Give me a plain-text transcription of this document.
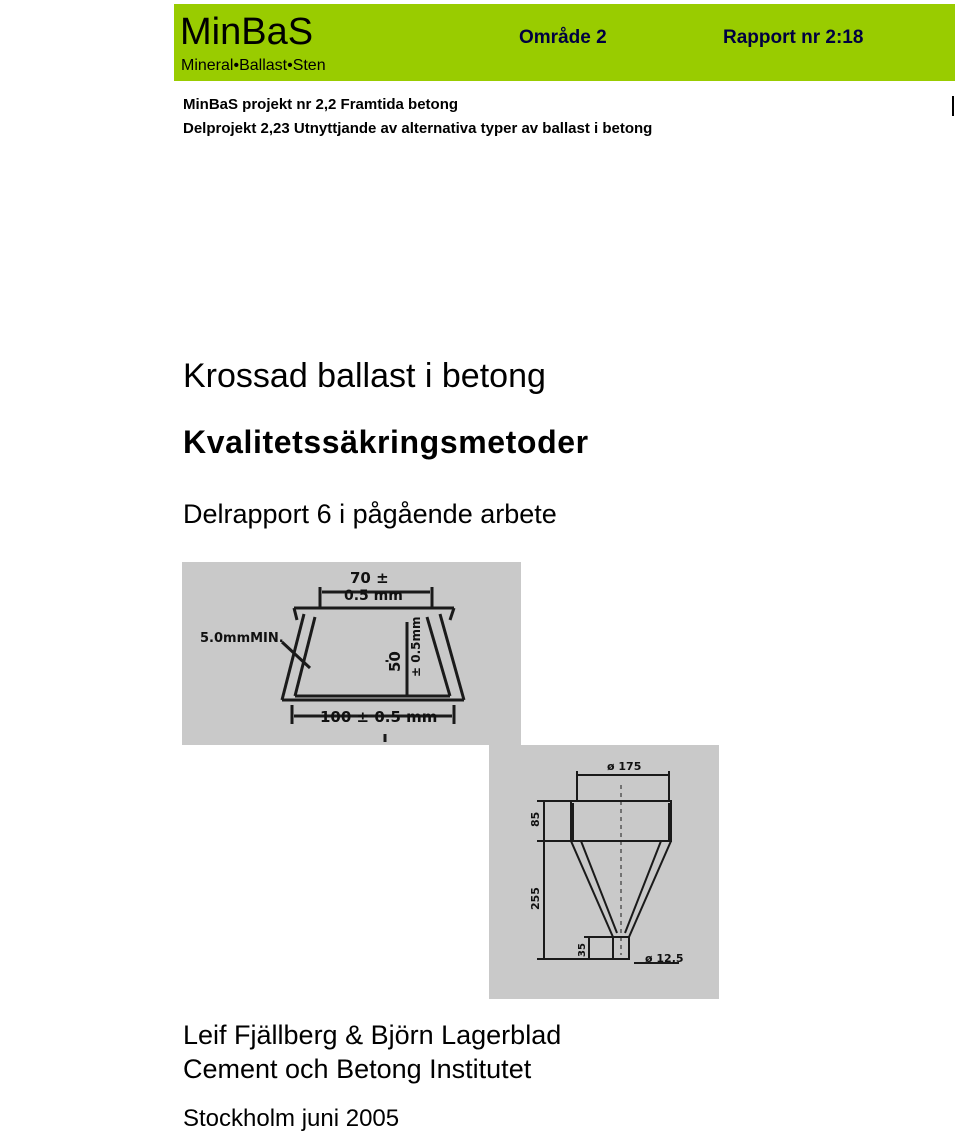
MinBaS
Mineral•Ballast•Sten
Område 2	Rapport nr 2:18
MinBaS projekt nr 2,2 Framtida betong
Delprojekt 2,23 Utnyttjande av alternativa typer av ballast i betong
Krossad ballast i betong
Kvalitetssäkringsmetoder
Delrapport 6 i pågående arbete
70 ±
0.5 mm
5.0mmMIN.
50 ± 0.5mm
100 ± 0.5 mm
ø 175
85
255
35
ø 12,5
Leif Fjällberg & Björn Lagerblad
Cement och Betong Institutet
Stockholm juni 2005
